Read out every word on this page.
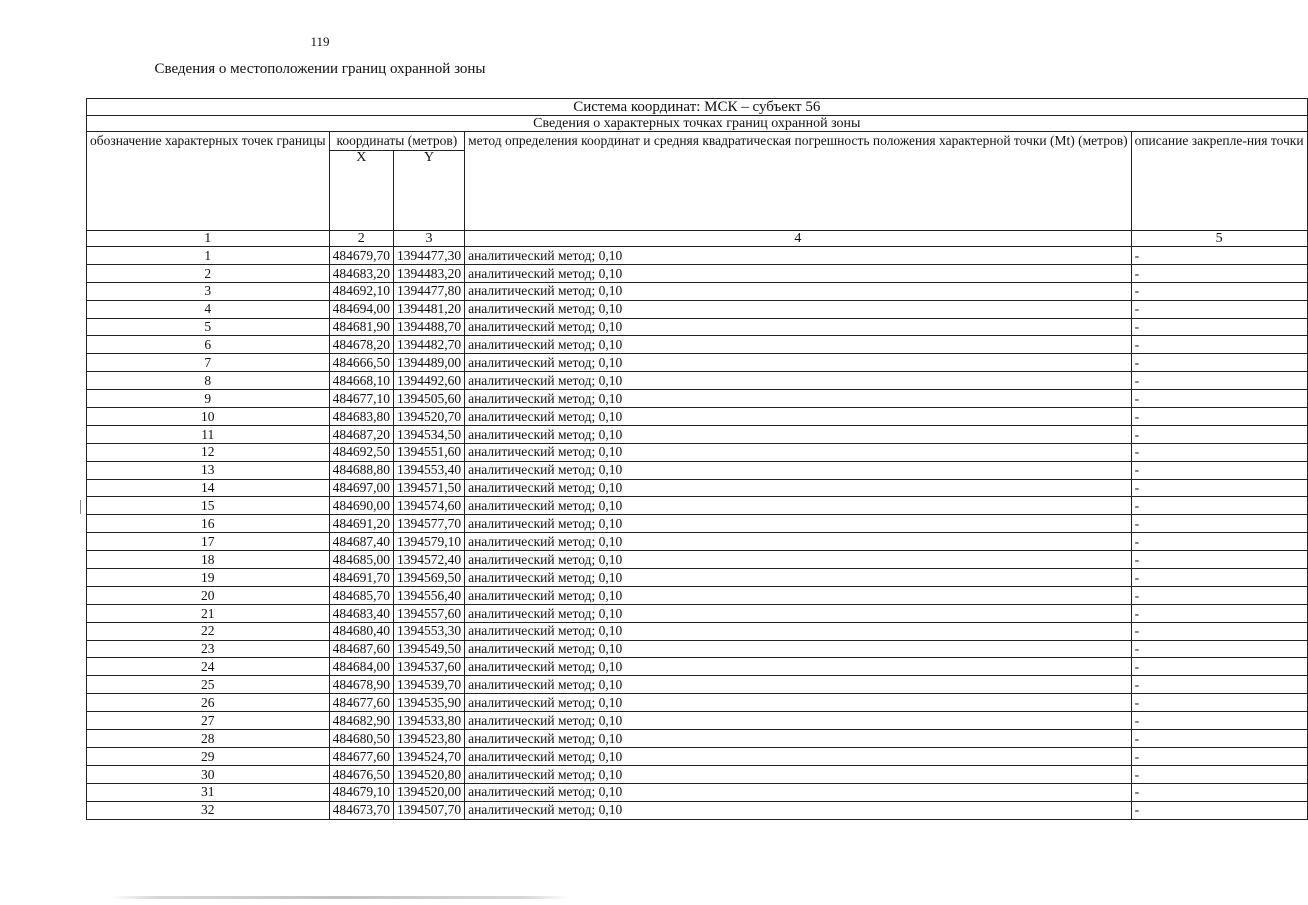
119
Сведения о местоположении границ охранной зоны
Система координат: МСК – субъект 56				
Сведения о характерных точках границ охранной зоны				
обозначение характерных точек границы	координаты (метров)		метод определения координат и средняя квадратическая погрешность положения характерной точки (Mt) (метров)	описание закрепле-ния точки
	X	Y		
1	2	3	4	5
1	484679,70	1394477,30	аналитический метод; 0,10	-
2	484683,20	1394483,20	аналитический метод; 0,10	-
3	484692,10	1394477,80	аналитический метод; 0,10	-
4	484694,00	1394481,20	аналитический метод; 0,10	-
5	484681,90	1394488,70	аналитический метод; 0,10	-
6	484678,20	1394482,70	аналитический метод; 0,10	-
7	484666,50	1394489,00	аналитический метод; 0,10	-
8	484668,10	1394492,60	аналитический метод; 0,10	-
9	484677,10	1394505,60	аналитический метод; 0,10	-
10	484683,80	1394520,70	аналитический метод; 0,10	-
11	484687,20	1394534,50	аналитический метод; 0,10	-
12	484692,50	1394551,60	аналитический метод; 0,10	-
13	484688,80	1394553,40	аналитический метод; 0,10	-
14	484697,00	1394571,50	аналитический метод; 0,10	-
15	484690,00	1394574,60	аналитический метод; 0,10	-
16	484691,20	1394577,70	аналитический метод; 0,10	-
17	484687,40	1394579,10	аналитический метод; 0,10	-
18	484685,00	1394572,40	аналитический метод; 0,10	-
19	484691,70	1394569,50	аналитический метод; 0,10	-
20	484685,70	1394556,40	аналитический метод; 0,10	-
21	484683,40	1394557,60	аналитический метод; 0,10	-
22	484680,40	1394553,30	аналитический метод; 0,10	-
23	484687,60	1394549,50	аналитический метод; 0,10	-
24	484684,00	1394537,60	аналитический метод; 0,10	-
25	484678,90	1394539,70	аналитический метод; 0,10	-
26	484677,60	1394535,90	аналитический метод; 0,10	-
27	484682,90	1394533,80	аналитический метод; 0,10	-
28	484680,50	1394523,80	аналитический метод; 0,10	-
29	484677,60	1394524,70	аналитический метод; 0,10	-
30	484676,50	1394520,80	аналитический метод; 0,10	-
31	484679,10	1394520,00	аналитический метод; 0,10	-
32	484673,70	1394507,70	аналитический метод; 0,10	-
